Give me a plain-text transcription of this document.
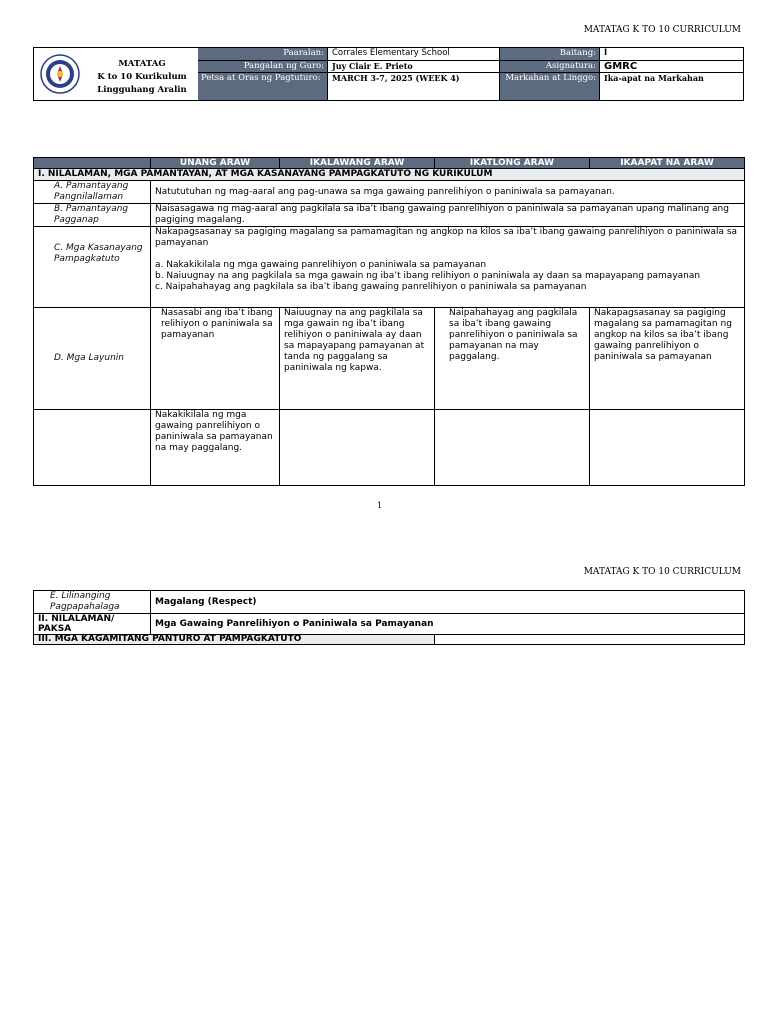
MATATAG K TO 10 CURRICULUM
MATATAG
K to 10 Kurikulum
Lingguhang Aralin
Paaralan: Corrales Elementary School
Pangalan ng Guro:	Juy Clair E. Prieto
Petsa at Oras ng Pagtuturo:	MARCH 3-7, 2025 (WEEK 4)
Baitang: I
Asignatura: GMRC
Markahan at Linggo:	Ika-apat na Markahan
	UNANG ARAW	IKALAWANG ARAW	IKATLONG ARAW	IKAAPAT NA ARAW
I. NILALAMAN, MGA PAMANTAYAN, AT MGA KASANAYANG PAMPAGKATUTO NG KURIKULUM				
A. Pamantayang Pangnilallaman	Natututuhan ng mag-aaral ang pag-unawa sa mga gawaing panrelihiyon o paniniwala sa pamayanan.			
B. Pamantayang Pagganap	Naisasagawa ng mag-aaral ang pagkilala sa iba’t ibang gawaing panrelihiyon o paniniwala sa pamayanan upang malinang ang pagiging magalang.			
C. Mga Kasanayang Pampagkatuto	Nakapagsasanay sa pagiging magalang sa pamamagitan ng angkop na kilos sa iba’t ibang gawaing panrelihiyon o paniniwala sa pamayanan
a. Nakakikilala ng mga gawaing panrelihiyon o paniniwala sa pamayanan
b. Naiuugnay na ang pagkilala sa mga gawain ng iba’t ibang relihiyon o paniniwala ay daan sa mapayapang pamayanan
c. Naipahahayag ang pagkilala sa iba’t ibang gawaing panrelihiyon o paniniwala sa pamayanan			

D. Mga Layunin	Nasasabi ang iba’t ibang relihiyon o paniniwala sa pamayanan	Naiuugnay na ang pagkilala sa mga gawain ng iba’t ibang relihiyon o paniniwala ay daan sa mapayapang pamayanan at tanda ng paggalang sa paniniwala ng kapwa.	Naipahahayag ang pagkilala sa iba’t ibang gawaing panrelihiyon o paniniwala sa pamayanan na may paggalang.	Nakapagsasanay sa pagiging magalang sa pamamagitan ng angkop na kilos sa iba’t ibang gawaing panrelihiyon o paniniwala sa pamayanan
	Nakakikilala ng mga gawaing panrelihiyon o paniniwala sa pamayanan na may paggalang.			
1
MATATAG K TO 10 CURRICULUM
E. Lilinanging Pagpapahalaga	Magalang (Respect)	
II. NILALAMAN/ PAKSA	Mga Gawaing Panrelihiyon o Paniniwala sa Pamayanan	
III. MGA KAGAMITANG PANTURO AT PAMPAGKATUTO		
